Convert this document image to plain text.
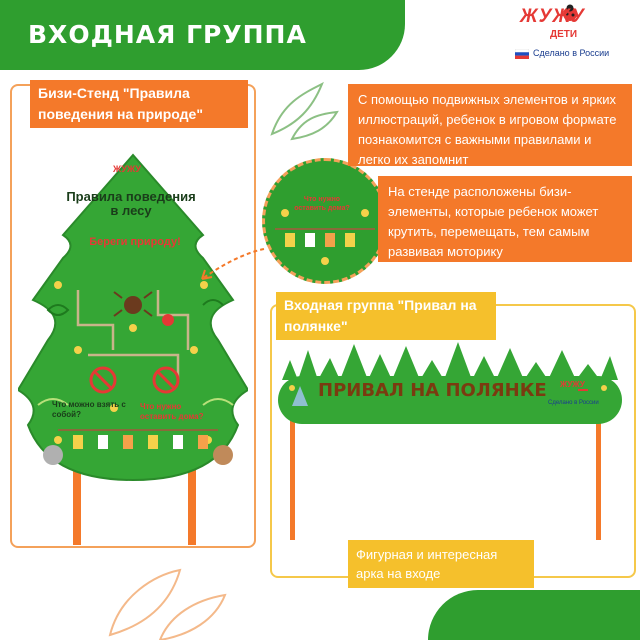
ВХОДНАЯ ГРУППА
ЖУЖУ
ДЕТИ
Сделано в России
Бизи-Стенд "Правила поведения на природе"
ЖУЖУ
Правила поведения в лесу
Береги природу!
Что можно взять с собой?
Что нужно оставить дома?
Что нужно оставить дома?
С помощью подвижных элементов и ярких иллюстраций, ребенок в игровом формате познакомится с важными правилами и легко их запомнит
На стенде расположены бизи-элементы, которые ребенок может крутить, перемещать, тем самым развивая моторику
Входная группа "Привал на полянке"
ПРИВАЛ НА ПОЛЯНКЕ ЖУЖУ
Сделано в России
Фигурная и интересная арка на входе
